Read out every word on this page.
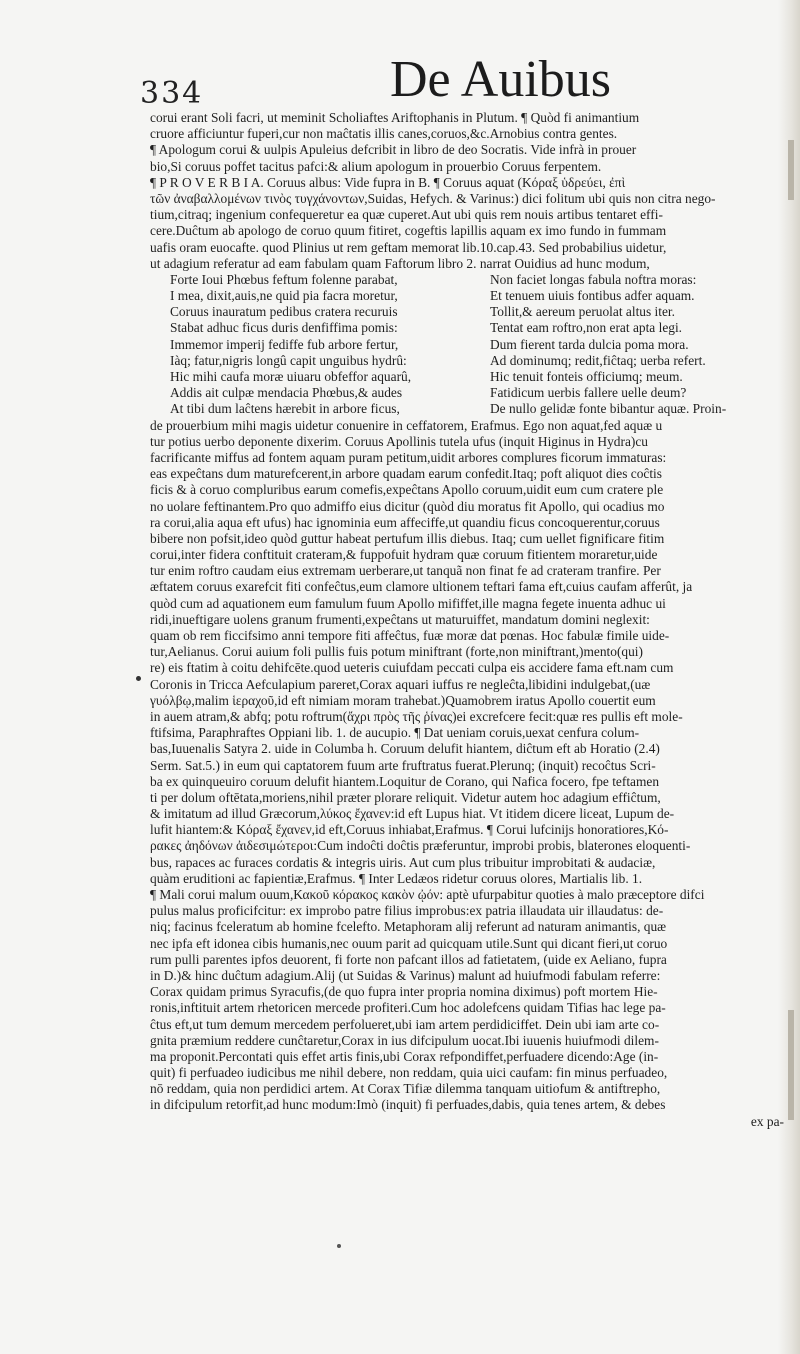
334	De Auibus
corui erant Soli facri, ut meminit Scholiaftes Ariftophanis in Plutum. ¶ Quòd fi animantium
cruore afficiuntur fuperi,cur non maĉtatis illis canes,coruos,&c.Arnobius contra gentes.
¶ Apologum corui & uulpis Apuleius defcribit in libro de deo Socratis. Vide infrà in prouer
bio,Si coruus poffet tacitus pafci:& alium apologum in prouerbio Coruus ferpentem.
¶ P R O V E R B I A. Coruus albus: Vide fupra in B. ¶ Coruus aquat (Κόραξ ὑδρεύει, ἐπὶ
τῶν ἀναβαλλομένων τινὸς τυγχάνοντων,Suidas, Hefych. & Varinus:) dici folitum ubi quis non citra nego-
tium,citraq; ingenium confequeretur ea quæ cuperet.Aut ubi quis rem nouis artibus tentaret effi-
cere.Duĉtum ab apologo de coruo quum fitiret, cogeftis lapillis aquam ex imo fundo in fummam
uafis oram euocafte. quod Plinius ut rem geftam memorat lib.10.cap.43. Sed probabilius uidetur,
ut adagium referatur ad eam fabulam quam Faftorum libro 2. narrat Ouidius ad hunc modum,
Forte Ioui Phœbus feftum folenne parabat,
I mea, dixit,auis,ne quid pia facra moretur,
Coruus inauratum pedibus cratera recuruis
Stabat adhuc ficus duris denfiffima pomis:
Immemor imperij fediffe fub arbore fertur,
Iàq; fatur,nigris longû capit unguibus hydrû:
Hic mihi caufa moræ uiuaru obfeffor aquarû,
Addis ait culpæ mendacia Phœbus,& audes
At tibi dum laĉtens hærebit in arbore ficus,
Non faciet longas fabula noftra moras:
Et tenuem uiuis fontibus adfer aquam.
Tollit,& aereum peruolat altus iter.
Tentat eam roftro,non erat apta legi.
Dum fierent tarda dulcia poma mora.
Ad dominumq; redit,fiĉtaq; uerba refert.
Hic tenuit fonteis officiumq; meum.
Fatidicum uerbis fallere uelle deum?
De nullo gelidæ fonte bibantur aquæ. Proin-
de prouerbium mihi magis uidetur conuenire in ceffatorem, Erafmus. Ego non aquat,fed aquæ u
tur potius uerbo deponente dixerim. Coruus Apollinis tutela ufus (inquit Higinus in Hydra)cu
facrificante miffus ad fontem aquam puram petitum,uidit arbores complures ficorum immaturas:
eas expeĉtans dum maturefcerent,in arbore quadam earum confedit.Itaq; poft aliquot dies coĉtis
ficis & à coruo compluribus earum comefis,expeĉtans Apollo coruum,uidit eum cum cratere ple
no uolare feftinantem.Pro quo admiffo eius dicitur (quòd diu moratus fit Apollo, qui ocadius mo
ra corui,alia aqua eft ufus) hac ignominia eum affeciffe,ut quandiu ficus concoquerentur,coruus
bibere non pofsit,ideo quòd guttur habeat pertufum illis diebus. Itaq; cum uellet fignificare fitim
corui,inter fidera conftituit crateram,& fuppofuit hydram quæ coruum fitientem moraretur,uide
tur enim roftro caudam eius extremam uerberare,ut tanquã non finat fe ad crateram tranfire. Per
æftatem coruus exarefcit fiti confeĉtus,eum clamore ultionem teftari fama eft,cuius caufam afferût, ja
quòd cum ad aquationem eum famulum fuum Apollo mififfet,ille magna fegete inuenta adhuc ui
ridi,inueftigare uolens granum frumenti,expeĉtans ut maturuiffet, mandatum domini neglexit:
quam ob rem ficcifsimo anni tempore fiti affeĉtus, fuæ moræ dat pœnas. Hoc fabulæ fimile uide-
tur,Aelianus. Corui auium foli pullis fuis potum miniftrant (forte,non miniftrant,)mento(qui)
re) eis ftatim à coitu dehifcēte.quod ueteris cuiufdam peccati culpa eis accidere fama eft.nam cum
Coronis in Tricca Aefculapium pareret,Corax aquari iuffus re negleĉta,libidini indulgebat,(uæ
γυόλβῳ,malim ἱεραχοῦ,id eft nimiam moram trahebat.)Quamobrem iratus Apollo couertit eum
in auem atram,& abfq; potu roftrum(ἄχρι πρὸς τῆς ῥίνας)ei excrefcere fecit:quæ res pullis eft mole-
ftifsima, Paraphraftes Oppiani lib. 1. de aucupio. ¶ Dat ueniam coruis,uexat cenfura colum-
bas,Iuuenalis Satyra 2. uide in Columba h. Coruum delufit hiantem, diĉtum eft ab Horatio (2.4)
Serm. Sat.5.) in eum qui captatorem fuum arte fruftratus fuerat.Plerunq; (inquit) recoĉtus Scri-
ba ex quinqueuiro coruum delufit hiantem.Loquitur de Corano, qui Nafica focero, fpe teftamen
ti per dolum oftētata,moriens,nihil præter plorare reliquit. Videtur autem hoc adagium effiĉtum,
& imitatum ad illud Græcorum,λύκος ἔχανεν:id eft Lupus hiat. Vt itidem dicere liceat, Lupum de-
lufit hiantem:& Κόραξ ἔχανεν,id eft,Coruus inhiabat,Erafmus. ¶ Corui lufcinijs honoratiores,Κό-
ρακες ἀηδόνων ἀιδεσιμώτεροι:Cum indoĉti doĉtis præferuntur, improbi probis, blaterones eloquenti-
bus, rapaces ac furaces cordatis & integris uiris. Aut cum plus tribuitur improbitati & audaciæ,
quàm eruditioni ac fapientiæ,Erafmus. ¶ Inter Ledæos ridetur coruus olores, Martialis lib. 1.
¶ Mali corui malum ouum,Κακοῦ κόρακος κακὸν ᾠόν: aptè ufurpabitur quoties à malo præceptore difci
pulus malus proficifcitur: ex improbo patre filius improbus:ex patria illaudata uir illaudatus: de-
niq; facinus fceleratum ab homine fcelefto. Metaphoram alij referunt ad naturam animantis, quæ
nec ipfa eft idonea cibis humanis,nec ouum parit ad quicquam utile.Sunt qui dicant fieri,ut coruo
rum pulli parentes ipfos deuorent, fi forte non pafcant illos ad fatietatem, (uide ex Aeliano, fupra
in D.)& hinc duĉtum adagium.Alij (ut Suidas & Varinus) malunt ad huiufmodi fabulam referre:
Corax quidam primus Syracufis,(de quo fupra inter propria nomina diximus) poft mortem Hie-
ronis,inftituit artem rhetoricen mercede profiteri.Cum hoc adolefcens quidam Tifias hac lege pa-
ĉtus eft,ut tum demum mercedem perfolueret,ubi iam artem perdidiciffet. Dein ubi iam arte co-
gnita præmium reddere cunĉtaretur,Corax in ius difcipulum uocat.Ibi iuuenis huiufmodi dilem-
ma proponit.Percontati quis effet artis finis,ubi Corax refpondiffet,perfuadere dicendo:Age (in-
quit) fi perfuadeo iudicibus me nihil debere, non reddam, quia uici caufam: fin minus perfuadeo,
nō reddam, quia non perdidici artem. At Corax Tifiæ dilemma tanquam uitiofum & antiftrepho,
in difcipulum retorfit,ad hunc modum:Imò (inquit) fi perfuades,dabis, quia tenes artem, & debes
ex pa-
